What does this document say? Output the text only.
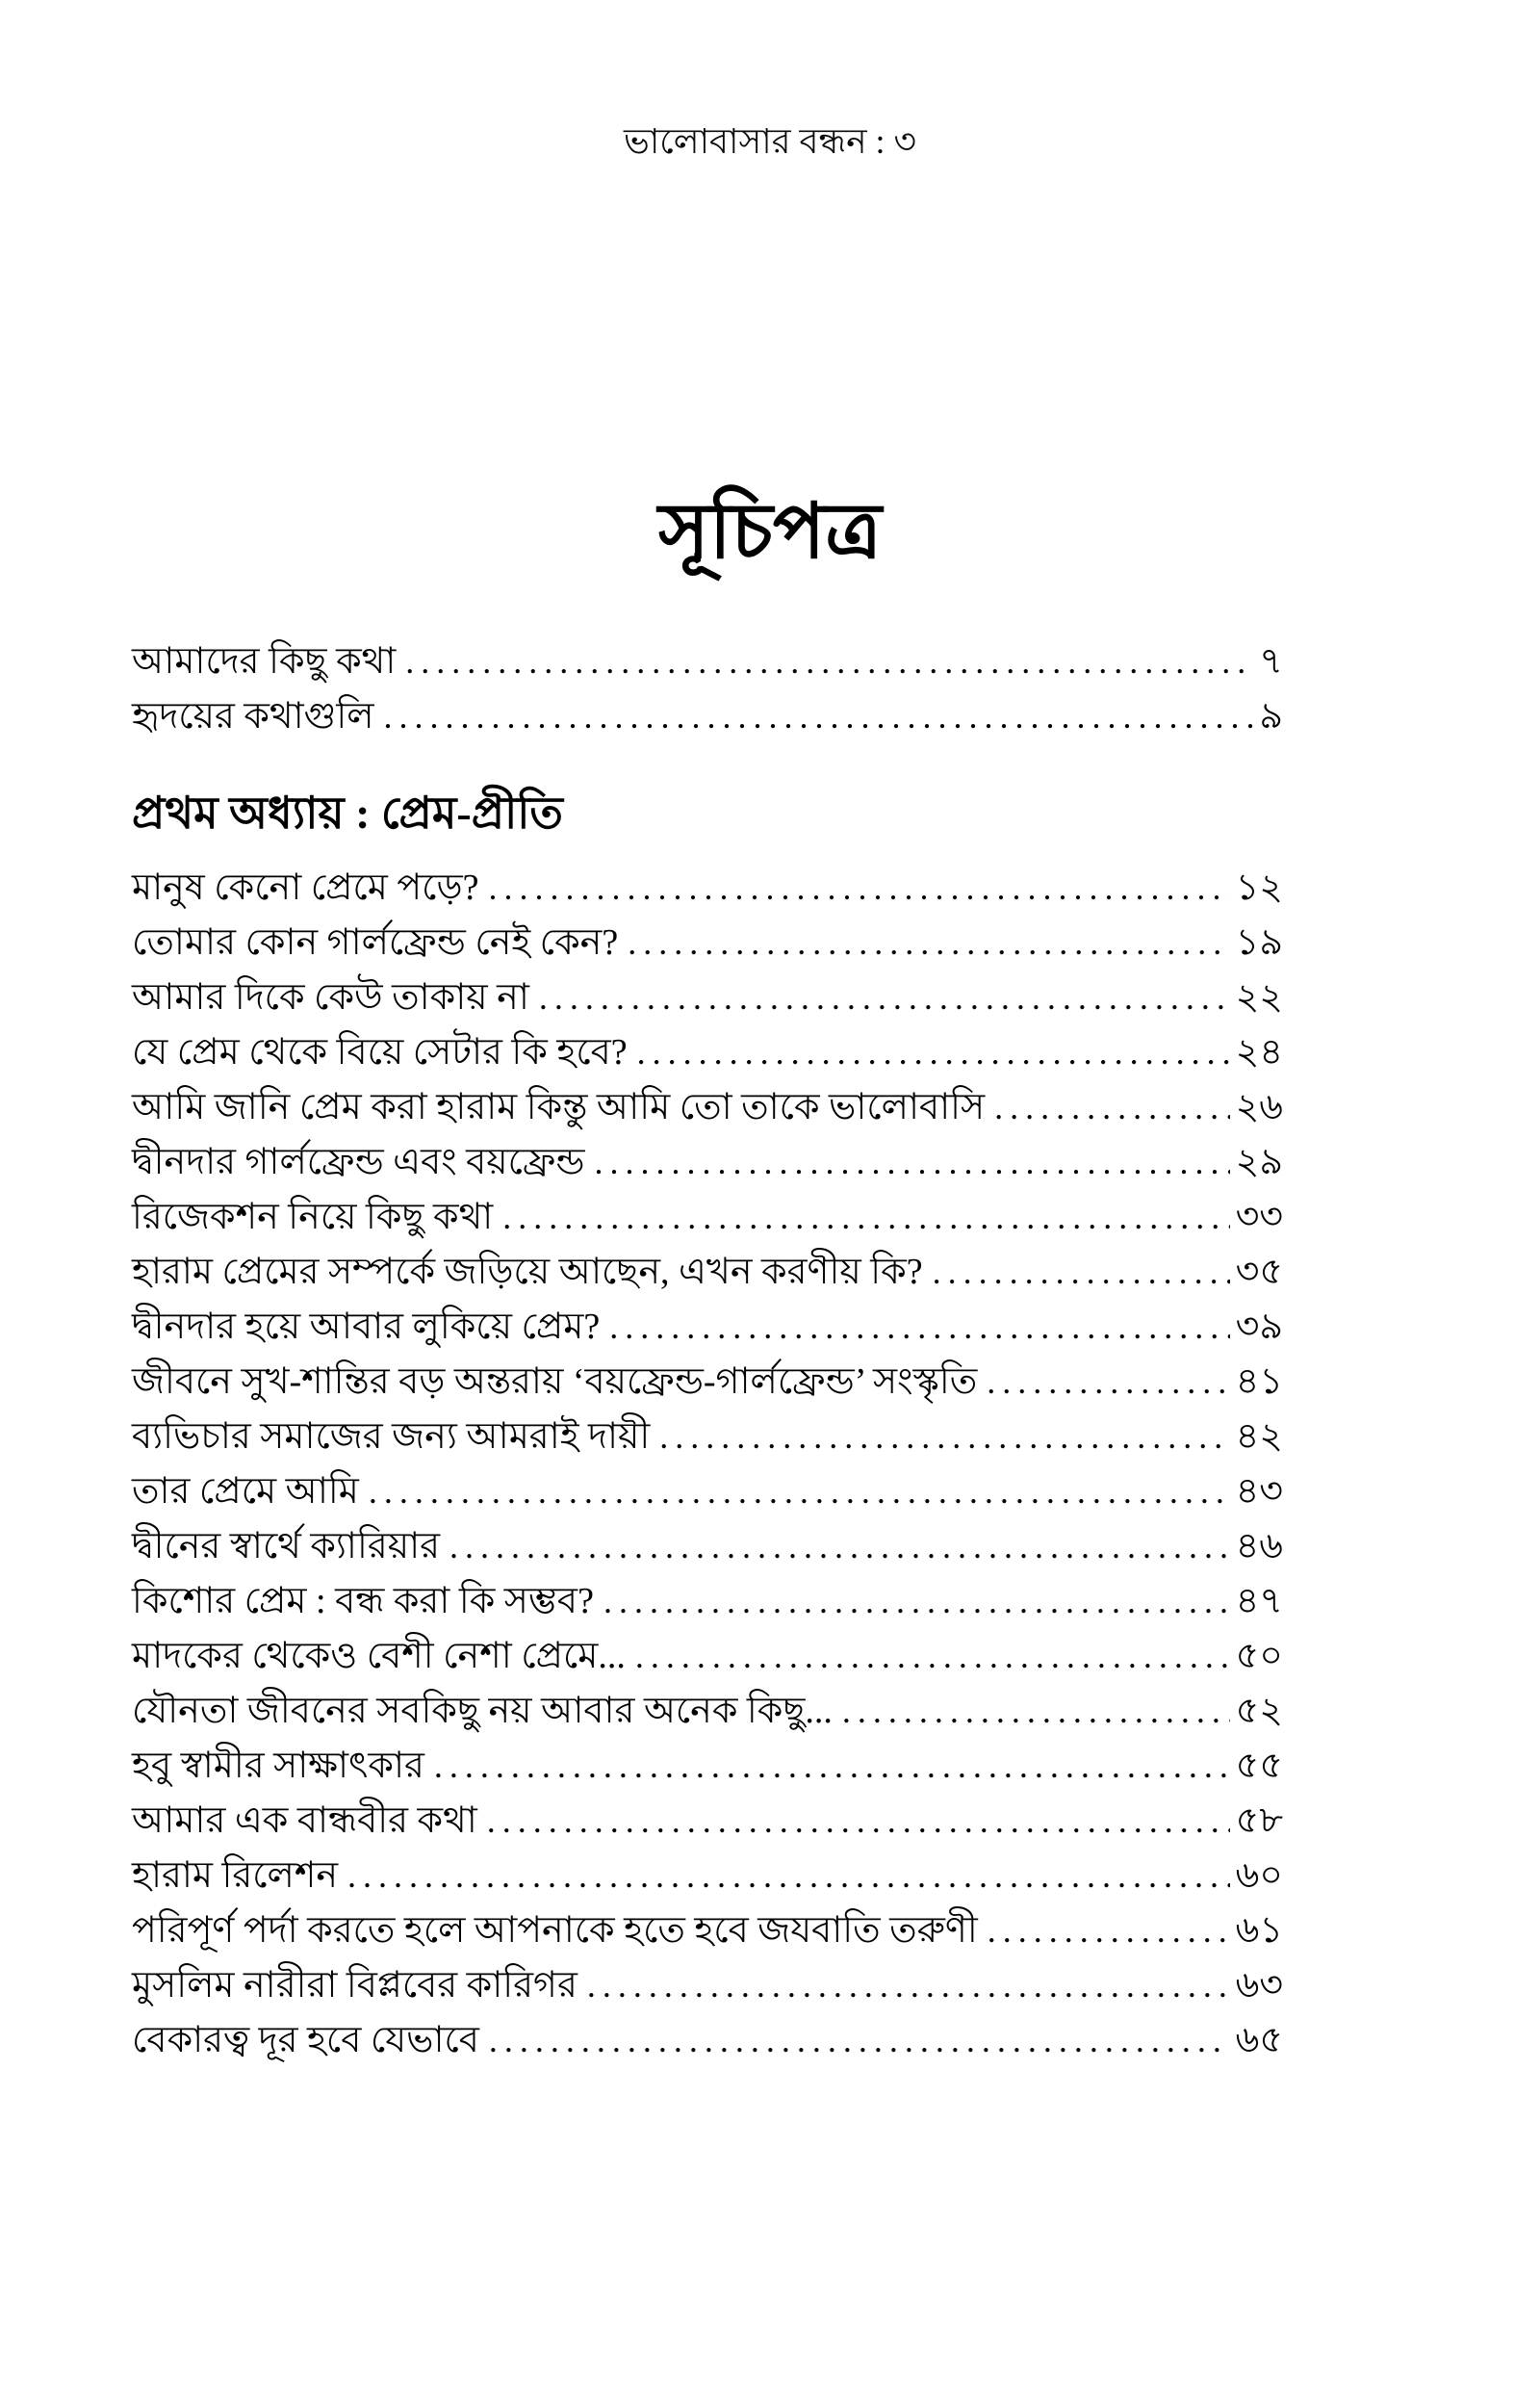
ভালোবাসার বন্ধন : ৩
সূচিপত্র
আমাদের কিছু কথা .....	৭
হৃদয়ের কথাগুলি .....	৯
প্রথম অধ্যায় : প্রেম-প্রীতি
মানুষ কেনো প্রেমে পড়ে? .....	১২
তোমার কোন গার্লফ্রেন্ড নেই কেন? .....	১৯
আমার দিকে কেউ তাকায় না .....	২২
যে প্রেম থেকে বিয়ে সেটার কি হবে? .....	২৪
আমি জানি প্রেম করা হারাম কিন্তু আমি তো তাকে ভালোবাসি .....	২৬
দ্বীনদার গার্লফ্রেন্ড এবং বয়ফ্রেন্ড .....	২৯
রিজেকশন নিয়ে কিছু কথা .....	৩৩
হারাম প্রেমের সম্পর্কে জড়িয়ে আছেন, এখন করণীয় কি? .....	৩৫
দ্বীনদার হয়ে আবার লুকিয়ে প্রেম? .....	৩৯
জীবনে সুখ-শান্তির বড় অন্তরায় ‘বয়ফ্রেন্ড-গার্লফ্রেন্ড’ সংস্কৃতি .....	৪১
ব্যভিচার সমাজের জন্য আমরাই দায়ী .....	৪২
তার প্রেমে আমি .....	৪৩
দ্বীনের স্বার্থে ক্যারিয়ার .....	৪৬
কিশোর প্রেম : বন্ধ করা কি সম্ভব? .....	৪৭
মাদকের থেকেও বেশী নেশা প্রেমে... .....	৫০
যৌনতা জীবনের সবকিছু নয় আবার অনেক কিছু... .....	৫২
হবু স্বামীর সাক্ষাৎকার .....	৫৫
আমার এক বান্ধবীর কথা .....	৫৮
হারাম রিলেশন .....	৬০
পরিপূর্ণ পর্দা করতে হলে আপনাকে হতে হবে জযবাতি তরুণী .....	৬১
মুসলিম নারীরা বিপ্লবের কারিগর .....	৬৩
বেকারত্ব দূর হবে যেভাবে .....	৬৫
